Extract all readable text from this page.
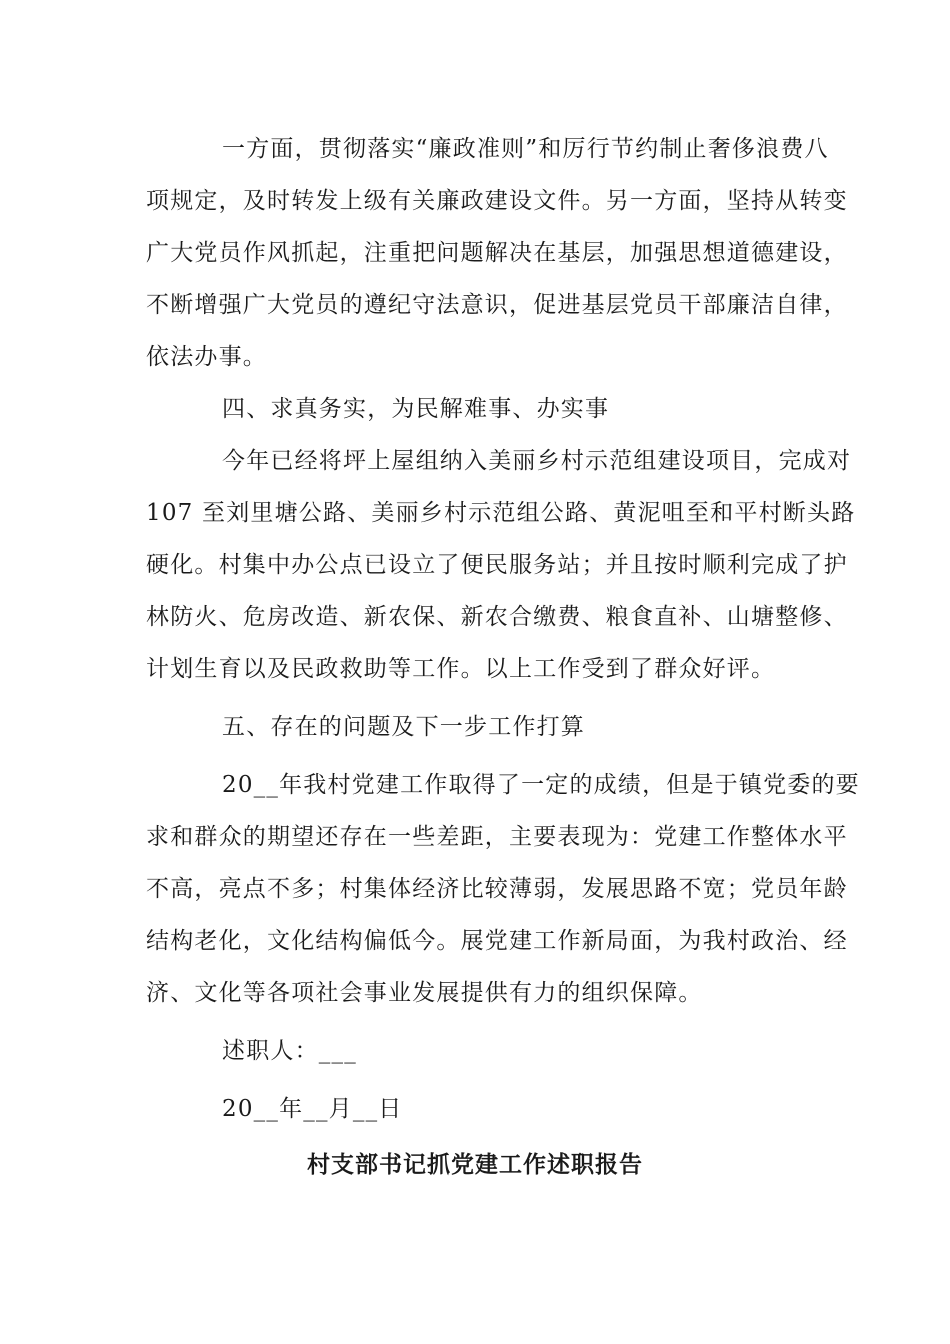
一方面，贯彻落实“廉政准则”和厉行节约制止奢侈浪费八
项规定，及时转发上级有关廉政建设文件。另一方面，坚持从转变
广大党员作风抓起，注重把问题解决在基层，加强思想道德建设，
不断增强广大党员的遵纪守法意识，促进基层党员干部廉洁自律，
依法办事。
四、求真务实，为民解难事、办实事
今年已经将坪上屋组纳入美丽乡村示范组建设项目，完成对
107 至刘里塘公路、美丽乡村示范组公路、黄泥咀至和平村断头路
硬化。村集中办公点已设立了便民服务站；并且按时顺利完成了护
林防火、危房改造、新农保、新农合缴费、粮食直补、山塘整修、
计划生育以及民政救助等工作。以上工作受到了群众好评。
五、存在的问题及下一步工作打算
20__年我村党建工作取得了一定的成绩，但是于镇党委的要
求和群众的期望还存在一些差距，主要表现为：党建工作整体水平
不高，亮点不多；村集体经济比较薄弱，发展思路不宽；党员年龄
结构老化，文化结构偏低今。展党建工作新局面，为我村政治、经
济、文化等各项社会事业发展提供有力的组织保障。
述职人：___
20__年__月__日
村支部书记抓党建工作述职报告
